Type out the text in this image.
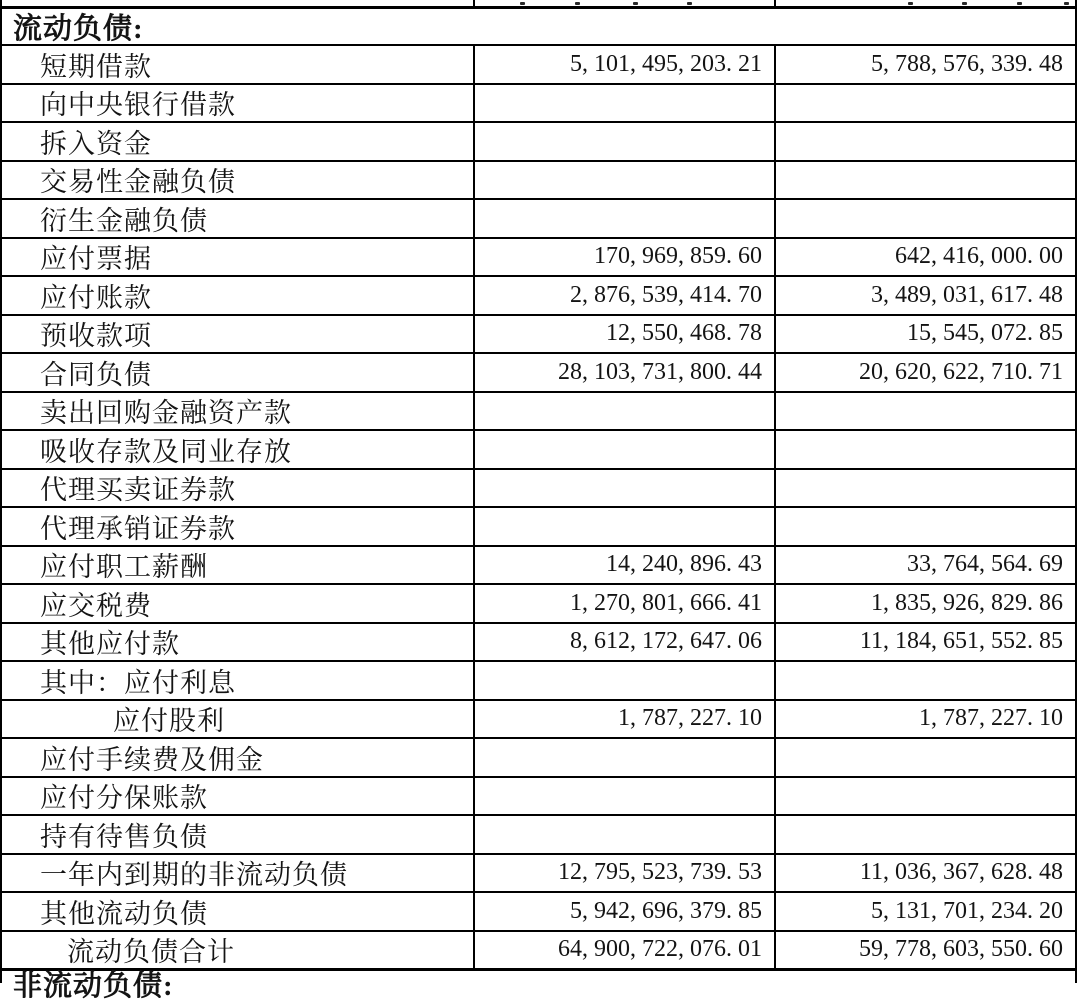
流动负债:
短期借款	5, 101, 495, 203. 21	5, 788, 576, 339. 48
向中央银行借款
拆入资金
交易性金融负债
衍生金融负债
应付票据	170, 969, 859. 60	642, 416, 000. 00
应付账款	2, 876, 539, 414. 70	3, 489, 031, 617. 48
预收款项	12, 550, 468. 78	15, 545, 072. 85
合同负债	28, 103, 731, 800. 44	20, 620, 622, 710. 71
卖出回购金融资产款
吸收存款及同业存放
代理买卖证券款
代理承销证券款
应付职工薪酬	14, 240, 896. 43	33, 764, 564. 69
应交税费	1, 270, 801, 666. 41	1, 835, 926, 829. 86
其他应付款	8, 612, 172, 647. 06	11, 184, 651, 552. 85
其中：应付利息
应付股利	1, 787, 227. 10	1, 787, 227. 10
应付手续费及佣金
应付分保账款
持有待售负债
一年内到期的非流动负债	12, 795, 523, 739. 53	11, 036, 367, 628. 48
其他流动负债	5, 942, 696, 379. 85	5, 131, 701, 234. 20
流动负债合计	64, 900, 722, 076. 01	59, 778, 603, 550. 60
非流动负债:
